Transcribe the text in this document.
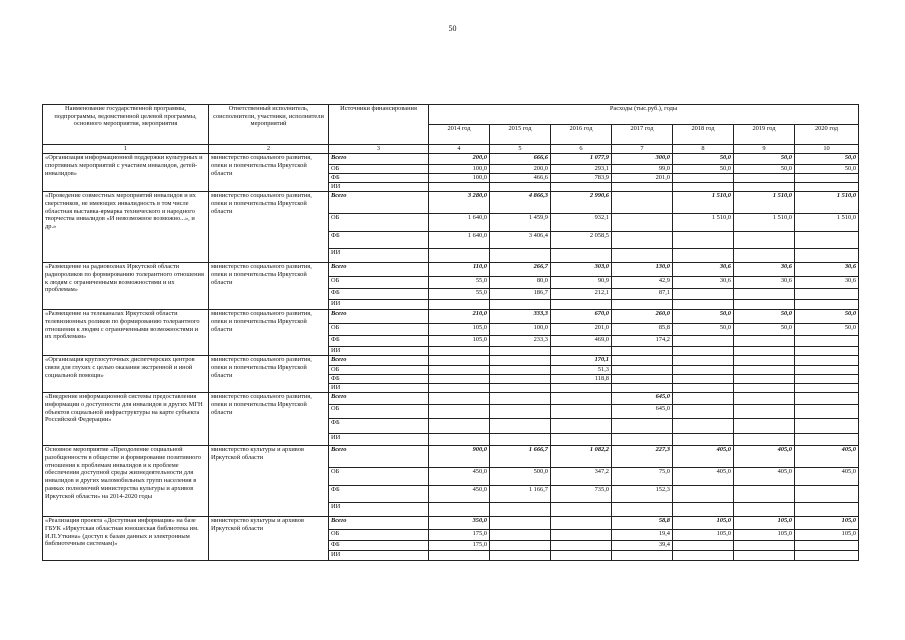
50
Наименование государственной программы, подпрограммы, ведомственной целевой программы, основного мероприятия, мероприятия	Ответственный исполнитель, соисполнители, участники, исполнители мероприятий	Источники финансирования	Расходы (тыс.руб.), годы						
			2014 год	2015 год	2016 год	2017 год	2018 год	2019 год	2020 год
1	2	3	4	5	6	7	8	9	10
«Организация информационной поддержки культурных и спортивных мероприятий с участием инвалидов, детей-инвалидов»	министерство социального развития, опеки и попечительства Иркутской области	Всего	200,0	666,6	1 077,9	300,0	50,0	50,0	50,0
		ОБ	100,0	200,0	293,1	99,0	50,0	50,0	50,0
		ФБ	100,0	466,6	783,9	201,0			
		ИИ							
«Проведение совместных мероприятий инвалидов и их сверстников, не имеющих инвалидность в том числе областная выставка-ярмарка технического и народного творчества инвалидов «И невозможное возможно...», и др.»	министерство социального развития, опеки и попечительства Иркутской области	Всего	3 280,0	4 866,3	2 990,6		1 510,0	1 510,0	1 510,0
		ОБ	1 640,0	1 459,9	932,1		1 510,0	1 510,0	1 510,0
		ФБ	1 640,0	3 406,4	2 058,5				
		ИИ							
«Размещение на радиоволнах Иркутской области радиороликов по формированию толерантного отношения к людям с ограниченными возможностями и их проблемам»	министерство социального развития, опеки и попечительства Иркутской области	Всего	110,0	266,7	303,0	130,0	30,6	30,6	30,6
		ОБ	55,0	80,0	90,9	42,9	30,6	30,6	30,6
		ФБ	55,0	186,7	212,1	87,1			
		ИИ							
«Размещение на телеканалах Иркутской области телевизионных роликов по формированию толерантного отношения к людям с ограниченными возможностями и их проблемам»	министерство социального развития, опеки и попечительства Иркутской области	Всего	210,0	333,3	670,0	260,0	50,0	50,0	50,0
		ОБ	105,0	100,0	201,0	85,8	50,0	50,0	50,0
		ФБ	105,0	233,3	469,0	174,2			
		ИИ							
«Организация круглосуточных диспетчерских центров связи для глухих с целью оказания экстренной и иной социальной помощи»	министерство социального развития, опеки и попечительства Иркутской области	Всего			170,1				
		ОБ			51,3				
		ФБ			118,8				
		ИИ							
«Внедрение информационной системы предоставления информации о доступности для инвалидов и других МГН объектов социальной инфраструктуры на карте субъекта Российской Федерации»	министерство социального развития, опеки и попечительства Иркутской области	Всего				645,0			
		ОБ				645,0			
		ФБ							
		ИИ							
Основное мероприятие «Преодоление социальной разобщенности в обществе и формирование позитивного отношения к проблемам инвалидов и к проблеме обеспечения доступной среды жизнедеятельности для инвалидов и других маломобильных групп населения в рамках полномочий министерства культуры и архивов Иркутской области» на 2014-2020 годы	министерство культуры и архивов Иркутской области	Всего	900,0	1 666,7	1 082,2	227,3	405,0	405,0	405,0
		ОБ	450,0	500,0	347,2	75,0	405,0	405,0	405,0
		ФБ	450,0	1 166,7	735,0	152,3			
		ИИ							
«Реализация проекта «Доступная информация» на базе ГБУК «Иркутская областная юношеская библиотека им. И.П.Уткина» (доступ к базам данных и электронным библиотечным системам)»	министерство культуры и архивов Иркутской области	Всего	350,0			58,8	105,0	105,0	105,0
		ОБ	175,0			19,4	105,0	105,0	105,0
		ФБ	175,0			39,4			
		ИИ							
